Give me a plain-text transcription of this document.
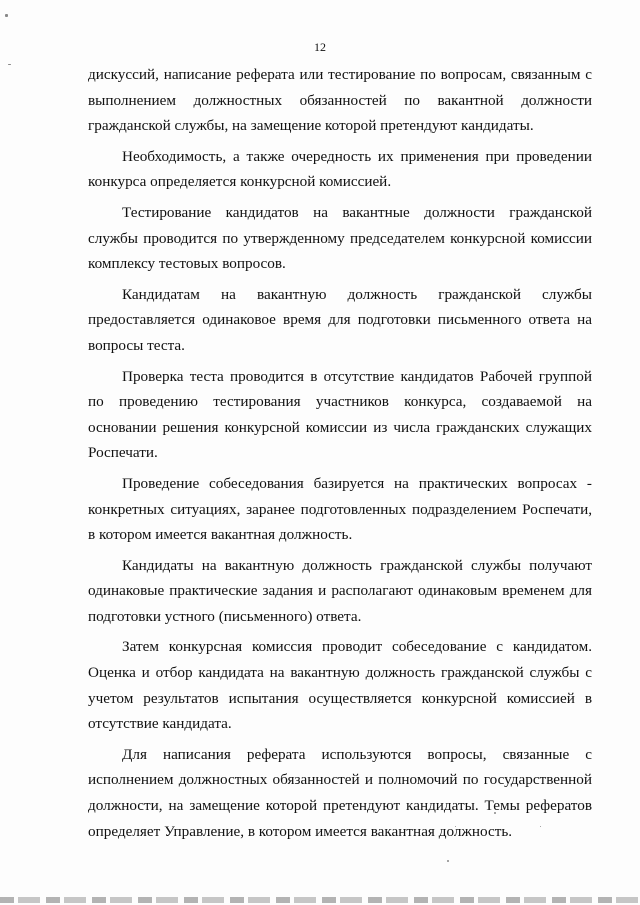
12

дискуссий, написание реферата или тестирование по вопросам, связанным с выполнением должностных обязанностей по вакантной должности гражданской службы, на замещение которой претендуют кандидаты.

Необходимость, а также очередность их применения при проведении конкурса определяется конкурсной комиссией.

Тестирование кандидатов на вакантные должности гражданской службы проводится по утвержденному председателем конкурсной комиссии комплексу тестовых вопросов.

Кандидатам на вакантную должность гражданской службы предоставляется одинаковое время для подготовки письменного ответа на вопросы теста.

Проверка теста проводится в отсутствие кандидатов Рабочей группой по проведению тестирования участников конкурса, создаваемой на основании решения конкурсной комиссии из числа гражданских служащих Роспечати.

Проведение собеседования базируется на практических вопросах - конкретных ситуациях, заранее подготовленных подразделением Роспечати, в котором имеется вакантная должность.

Кандидаты на вакантную должность гражданской службы получают одинаковые практические задания и располагают одинаковым временем для подготовки устного (письменного) ответа.

Затем конкурсная комиссия проводит собеседование с кандидатом. Оценка и отбор кандидата на вакантную должность гражданской службы с учетом результатов испытания осуществляется конкурсной комиссией в отсутствие кандидата.

Для написания реферата используются вопросы, связанные с исполнением должностных обязанностей и полномочий по государственной должности, на замещение которой претендуют кандидаты. Темы рефератов определяет Управление, в котором имеется вакантная должность.
